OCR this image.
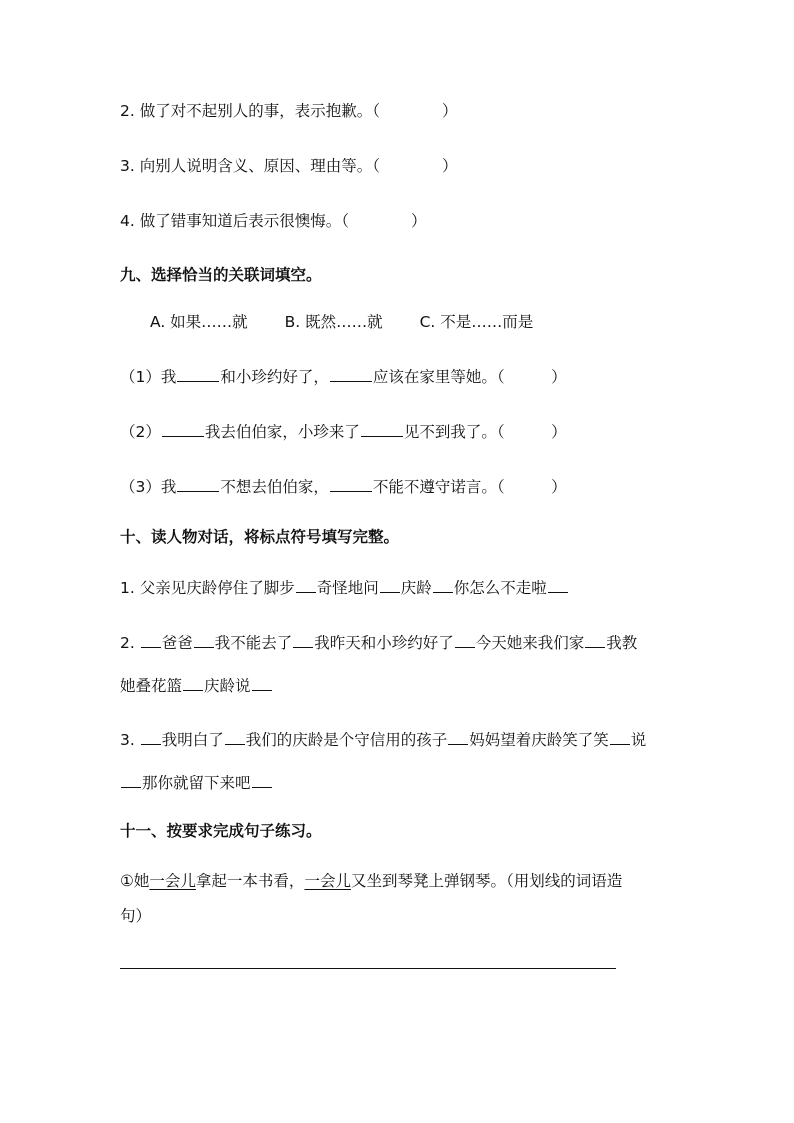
2. 做了对不起别人的事，表示抱歉。（　　　　）
3. 向别人说明含义、原因、理由等。（　　　　）
4. 做了错事知道后表示很懊悔。（　　　　）
九、选择恰当的关联词填空。
A. 如果……就 B. 既然……就 C. 不是……而是
（1）我	和小珍约好了，	应该在家里等她。（　　　）
（2）	我去伯伯家，小珍来了	见不到我了。（　　　）
（3）我	不想去伯伯家，	不能不遵守诺言。（　　　）
十、读人物对话，将标点符号填写完整。
1. 父亲见庆龄停住了脚步 奇怪地问 庆龄 你怎么不走啦
2. 爸爸 我不能去了 我昨天和小珍约好了 今天她来我们家 我教
她叠花篮 庆龄说
3. 我明白了 我们的庆龄是个守信用的孩子 妈妈望着庆龄笑了笑 说
那你就留下来吧
十一、按要求完成句子练习。
①她一会儿拿起一本书看，一会儿又坐到琴凳上弹钢琴。（用划线的词语造
句）
